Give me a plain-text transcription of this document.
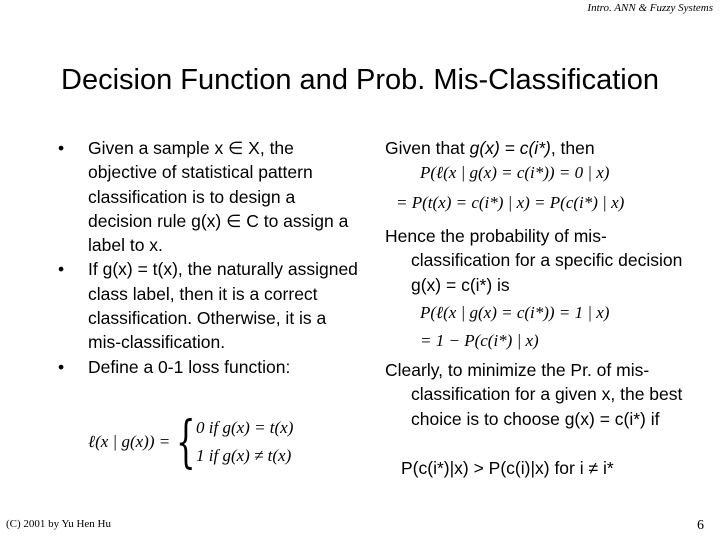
Intro. ANN & Fuzzy Systems
Decision Function and Prob. Mis-Classification
• Given a sample x ∈ X, the objective of statistical pattern classification is to design a decision rule g(x) ∈ C to assign a label to x.
• If g(x) = t(x), the naturally assigned class label, then it is a correct classification. Otherwise, it is a mis-classification.
• Define a 0-1 loss function:
ℓ(x | g(x)) = { 0 if g(x) = t(x)
1 if g(x) ≠ t(x)
Given that g(x) = c(i*), then
P(ℓ(x | g(x) = c(i*)) = 0 | x)
= P(t(x) = c(i*) | x) = P(c(i*) | x)
Hence the probability of mis-classification for a specific decision g(x) = c(i*) is
P(ℓ(x | g(x) = c(i*)) = 1 | x)
= 1 − P(c(i*) | x)
Clearly, to minimize the Pr. of mis-classification for a given x, the best choice is to choose g(x) = c(i*) if
P(c(i*)|x) > P(c(i)|x) for i ≠ i*
(C) 2001 by Yu Hen Hu	6
